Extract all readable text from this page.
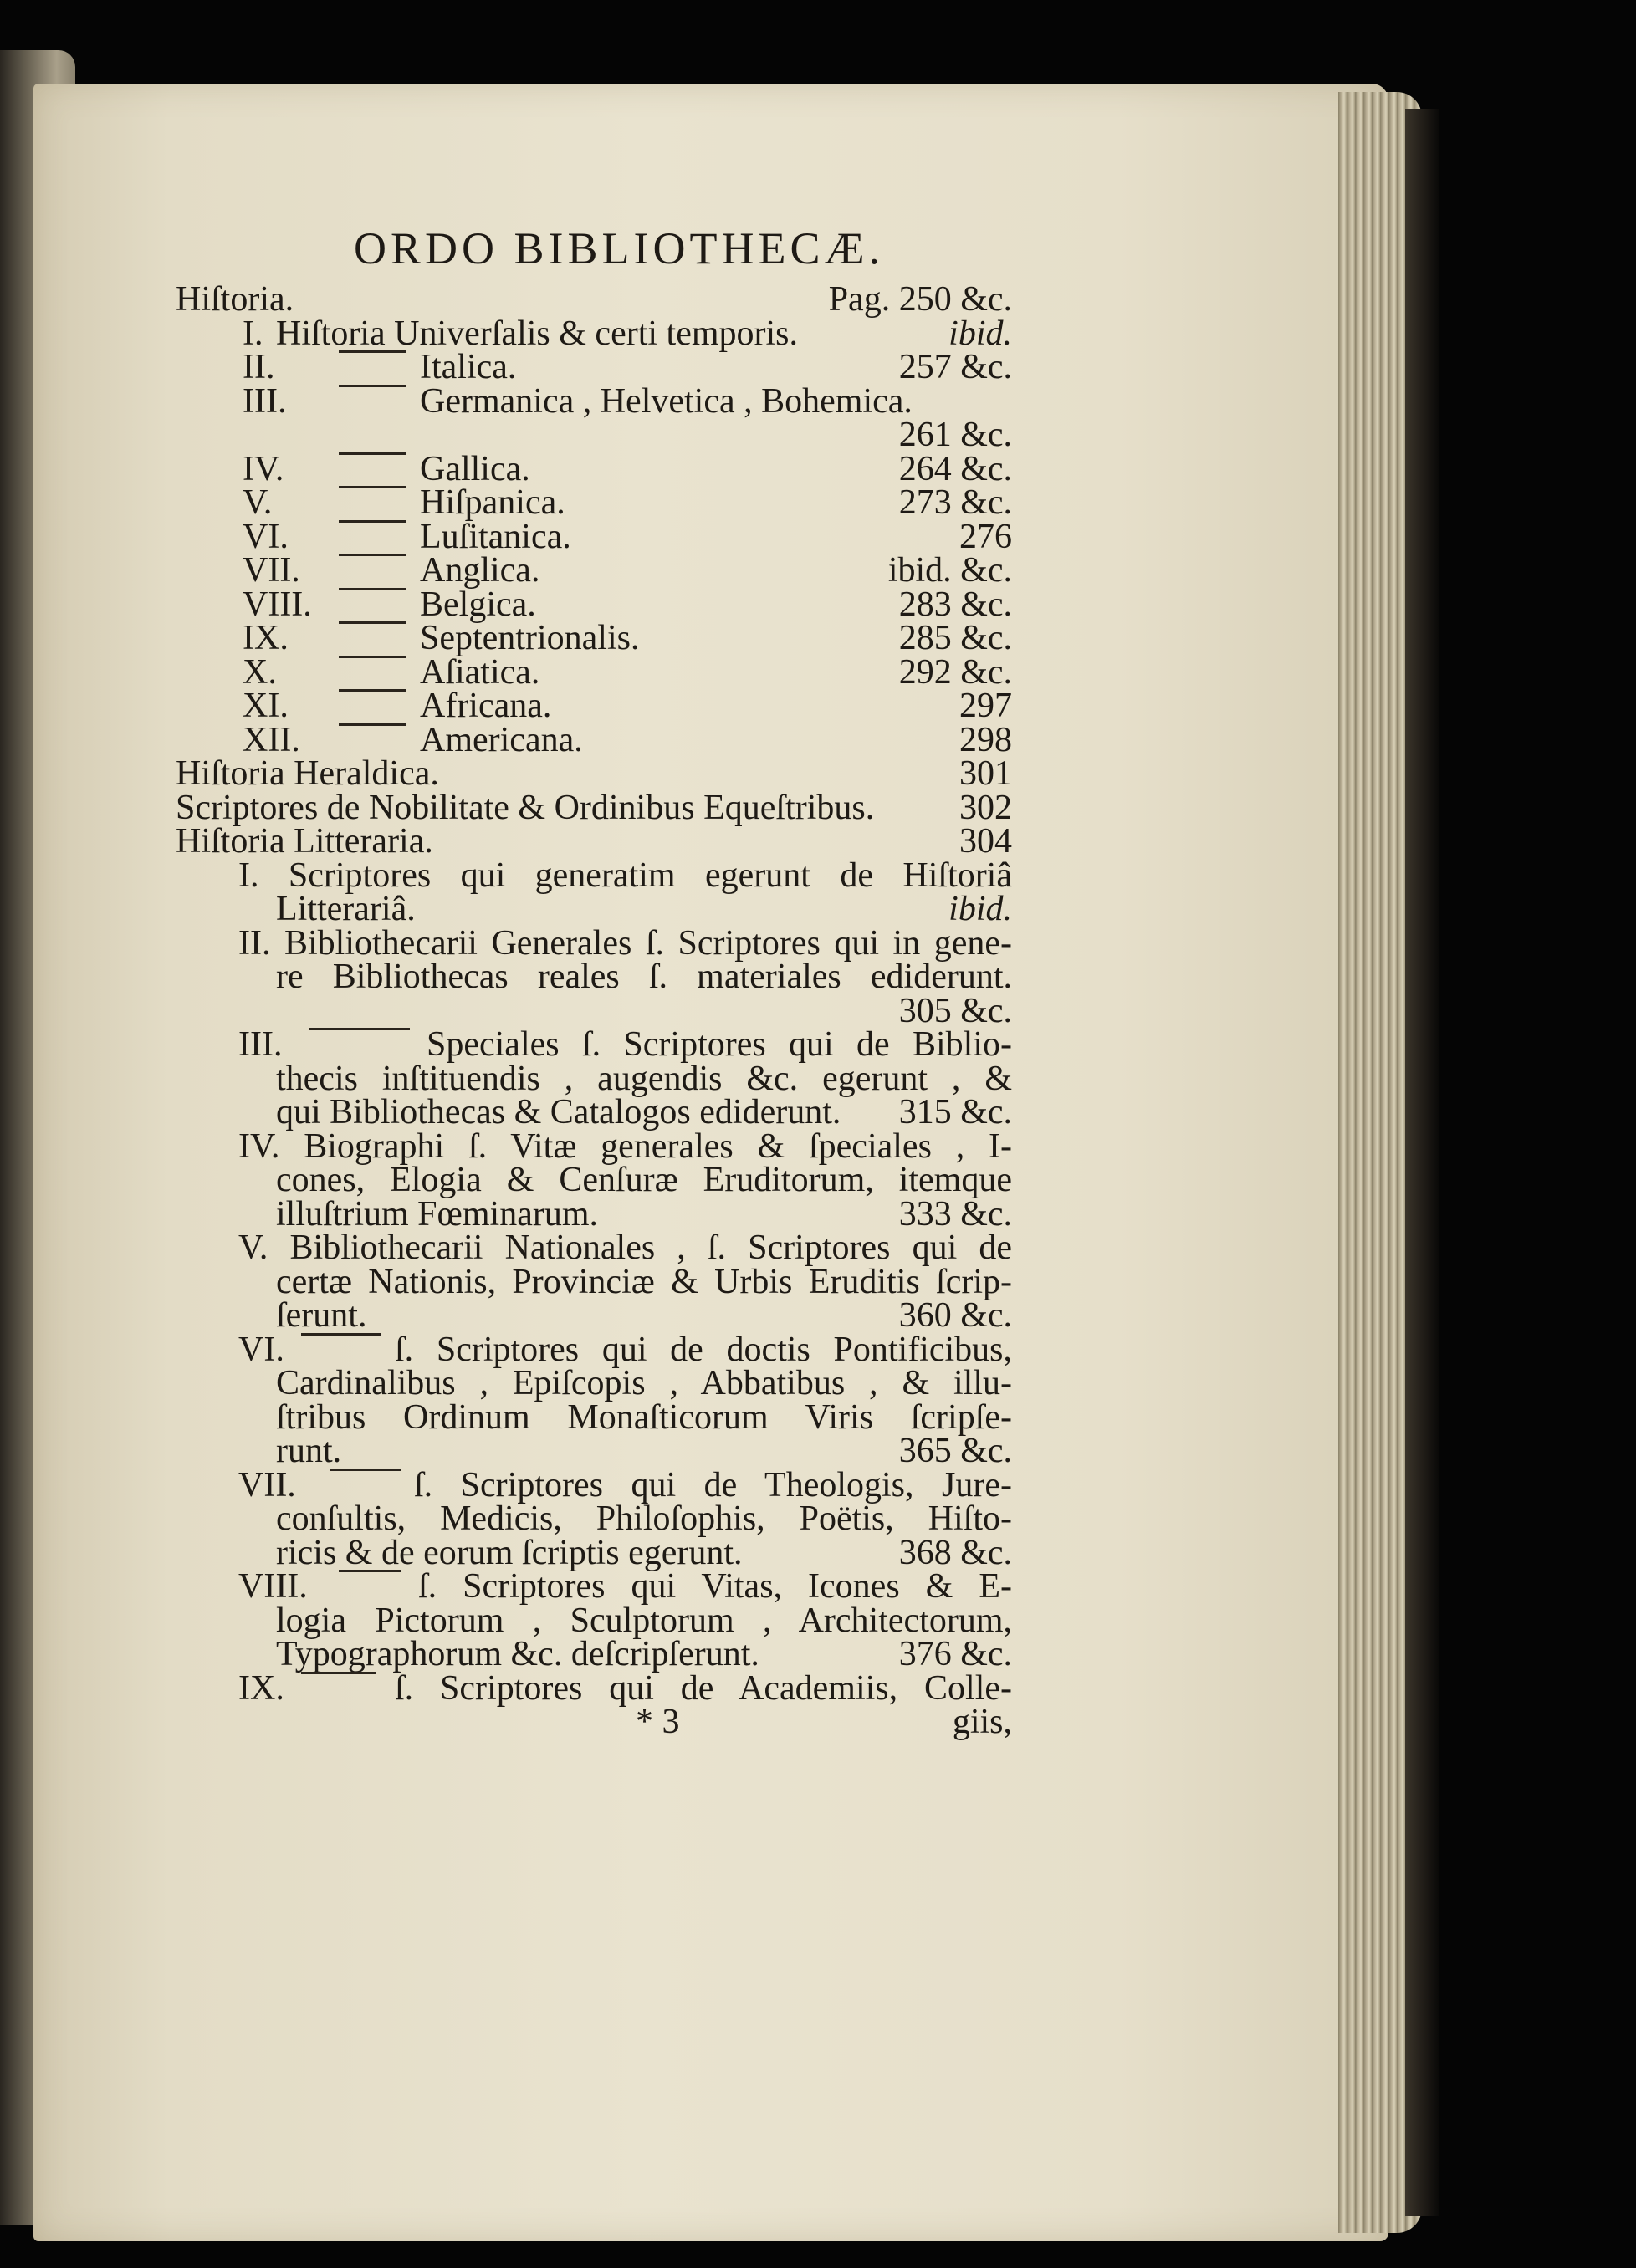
ORDO BIBLIOTHECÆ.
Hiſtoria.	Pag. 250 &c.
I. Hiſtoria Univerſalis & certi temporis.	ibid.
II.	Italica.	257 &c.
III.	Germanica , Helvetica , Bohemica.
261 &c.
IV.	Gallica.	264 &c.
V.	Hiſpanica.	273 &c.
VI.	Luſitanica.	276
VII.	Anglica.	ibid. &c.
VIII.	Belgica.	283 &c.
IX.	Septentrionalis.	285 &c.
X.	Aſiatica.	292 &c.
XI.	Africana.	297
XII.	Americana.	298
Hiſtoria Heraldica.	301
Scriptores de Nobilitate & Ordinibus Equeſtribus. 302
Hiſtoria Litteraria.	304
I. Scriptores qui generatim egerunt de Hiſtoriâ
Litterariâ.	ibid.
II. Bibliothecarii Generales ſ. Scriptores qui in gene-
re Bibliothecas reales ſ. materiales ediderunt.
305 &c.
III.	Speciales ſ. Scriptores qui de Biblio-
thecis inſtituendis , augendis &c. egerunt , &
qui Bibliothecas & Catalogos ediderunt. 315 &c.
IV. Biographi ſ. Vitæ generales & ſpeciales , I-
cones, Elogia & Cenſuræ Eruditorum, itemque
illuſtrium Fœminarum.	333 &c.
V. Bibliothecarii Nationales , ſ. Scriptores qui de
certæ Nationis, Provinciæ & Urbis Eruditis ſcrip-
ſerunt.	360 &c.
VI.	ſ. Scriptores qui de doctis Pontificibus,
Cardinalibus , Epiſcopis , Abbatibus , & illu-
ſtribus Ordinum Monaſticorum Viris ſcripſe-
runt.	365 &c.
VII.	ſ. Scriptores qui de Theologis, Jure-
conſultis, Medicis, Philoſophis, Poëtis, Hiſto-
ricis & de eorum ſcriptis egerunt.	368 &c.
VIII.	ſ. Scriptores qui Vitas, Icones & E-
logia Pictorum , Sculptorum , Architectorum,
Typographorum &c. deſcripſerunt.	376 &c.
IX.	ſ. Scriptores qui de Academiis, Colle-
* 3	giis,
